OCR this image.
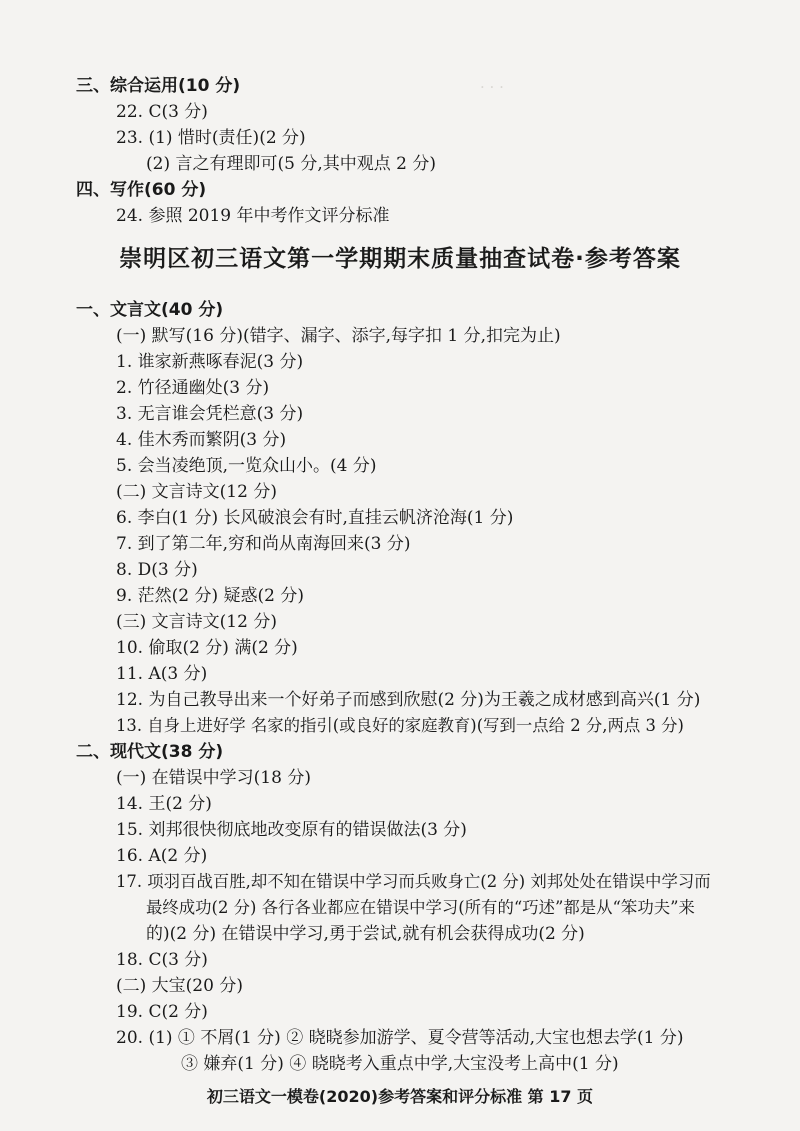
· · ·
三、综合运用(10 分)
22. C(3 分)
23. (1) 惜时(责任)(2 分)
(2) 言之有理即可(5 分,其中观点 2 分)
四、写作(60 分)
24. 参照 2019 年中考作文评分标准
崇明区初三语文第一学期期末质量抽查试卷·参考答案
一、文言文(40 分)
(一) 默写(16 分)(错字、漏字、添字,每字扣 1 分,扣完为止)
1. 谁家新燕啄春泥(3 分)
2. 竹径通幽处(3 分)
3. 无言谁会凭栏意(3 分)
4. 佳木秀而繁阴(3 分)
5. 会当凌绝顶,一览众山小。(4 分)
(二) 文言诗文(12 分)
6. 李白(1 分) 长风破浪会有时,直挂云帆济沧海(1 分)
7. 到了第二年,穷和尚从南海回来(3 分)
8. D(3 分)
9. 茫然(2 分) 疑惑(2 分)
(三) 文言诗文(12 分)
10. 偷取(2 分) 满(2 分)
11. A(3 分)
12. 为自己教导出来一个好弟子而感到欣慰(2 分)为王羲之成材感到高兴(1 分)
13. 自身上进好学 名家的指引(或良好的家庭教育)(写到一点给 2 分,两点 3 分)
二、现代文(38 分)
(一) 在错误中学习(18 分)
14. 王(2 分)
15. 刘邦很快彻底地改变原有的错误做法(3 分)
16. A(2 分)
17. 项羽百战百胜,却不知在错误中学习而兵败身亡(2 分) 刘邦处处在错误中学习而
最终成功(2 分) 各行各业都应在错误中学习(所有的“巧述”都是从“笨功夫”来
的)(2 分) 在错误中学习,勇于尝试,就有机会获得成功(2 分)
18. C(3 分)
(二) 大宝(20 分)
19. C(2 分)
20. (1) ① 不屑(1 分) ② 晓晓参加游学、夏令营等活动,大宝也想去学(1 分)
③ 嫌弃(1 分) ④ 晓晓考入重点中学,大宝没考上高中(1 分)
初三语文一模卷(2020)参考答案和评分标准 第 17 页
